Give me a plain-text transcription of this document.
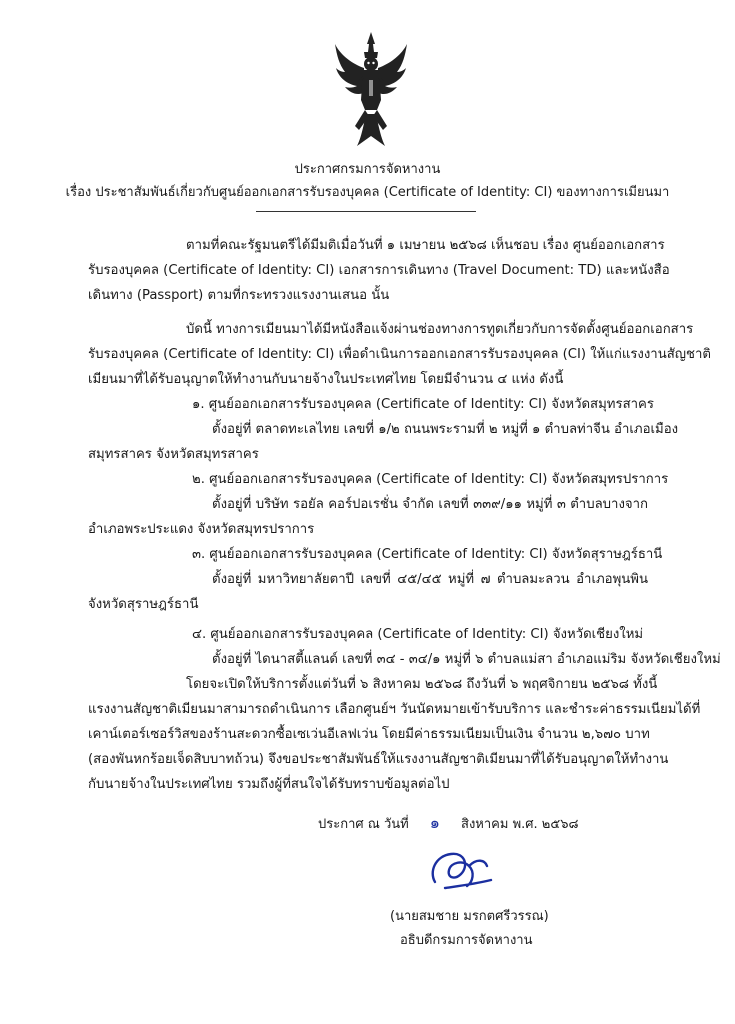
ประกาศกรมการจัดหางาน
เรื่อง ประชาสัมพันธ์เกี่ยวกับศูนย์ออกเอกสารรับรองบุคคล (Certificate of Identity: CI) ของทางการเมียนมา
ตามที่คณะรัฐมนตรีได้มีมติเมื่อวันที่ ๑ เมษายน ๒๕๖๘ เห็นชอบ เรื่อง ศูนย์ออกเอกสาร
รับรองบุคคล (Certificate of Identity: CI) เอกสารการเดินทาง (Travel Document: TD) และหนังสือ
เดินทาง (Passport) ตามที่กระทรวงแรงงานเสนอ นั้น
บัดนี้ ทางการเมียนมาได้มีหนังสือแจ้งผ่านช่องทางการทูตเกี่ยวกับการจัดตั้งศูนย์ออกเอกสาร
รับรองบุคคล (Certificate of Identity: CI) เพื่อดำเนินการออกเอกสารรับรองบุคคล (CI) ให้แก่แรงงานสัญชาติ
เมียนมาที่ได้รับอนุญาตให้ทำงานกับนายจ้างในประเทศไทย โดยมีจำนวน ๔ แห่ง ดังนี้
๑. ศูนย์ออกเอกสารรับรองบุคคล (Certificate of Identity: CI) จังหวัดสมุทรสาคร
ตั้งอยู่ที่ ตลาดทะเลไทย เลขที่ ๑/๒ ถนนพระรามที่ ๒ หมู่ที่ ๑ ตำบลท่าจีน อำเภอเมือง
สมุทรสาคร จังหวัดสมุทรสาคร
๒. ศูนย์ออกเอกสารรับรองบุคคล (Certificate of Identity: CI) จังหวัดสมุทรปราการ
ตั้งอยู่ที่ บริษัท รอยัล คอร์ปอเรชั่น จำกัด เลขที่ ๓๓๙/๑๑ หมู่ที่ ๓ ตำบลบางจาก
อำเภอพระประแดง จังหวัดสมุทรปราการ
๓. ศูนย์ออกเอกสารรับรองบุคคล (Certificate of Identity: CI) จังหวัดสุราษฎร์ธานี
ตั้งอยู่ที่ มหาวิทยาลัยตาปี เลขที่ ๔๕/๔๕ หมู่ที่ ๗ ตำบลมะลวน อำเภอพุนพิน
จังหวัดสุราษฎร์ธานี
๔. ศูนย์ออกเอกสารรับรองบุคคล (Certificate of Identity: CI) จังหวัดเชียงใหม่
ตั้งอยู่ที่ ไดนาสตี้แลนด์ เลขที่ ๓๔ - ๓๔/๑ หมู่ที่ ๖ ตำบลแม่สา อำเภอแม่ริม จังหวัดเชียงใหม่
โดยจะเปิดให้บริการตั้งแต่วันที่ ๖ สิงหาคม ๒๕๖๘ ถึงวันที่ ๖ พฤศจิกายน ๒๕๖๘ ทั้งนี้
แรงงานสัญชาติเมียนมาสามารถดำเนินการ เลือกศูนย์ฯ วันนัดหมายเข้ารับบริการ และชำระค่าธรรมเนียมได้ที่
เคาน์เตอร์เซอร์วิสของร้านสะดวกซื้อเซเว่นอีเลฟเว่น โดยมีค่าธรรมเนียมเป็นเงิน จำนวน ๒,๖๗๐ บาท
(สองพันหกร้อยเจ็ดสิบบาทถ้วน) จึงขอประชาสัมพันธ์ให้แรงงานสัญชาติเมียนมาที่ได้รับอนุญาตให้ทำงาน
กับนายจ้างในประเทศไทย รวมถึงผู้ที่สนใจได้รับทราบข้อมูลต่อไป
ประกาศ ณ วันที่ ๑ สิงหาคม พ.ศ. ๒๕๖๘
(นายสมชาย มรกตศรีวรรณ)
อธิบดีกรมการจัดหางาน
